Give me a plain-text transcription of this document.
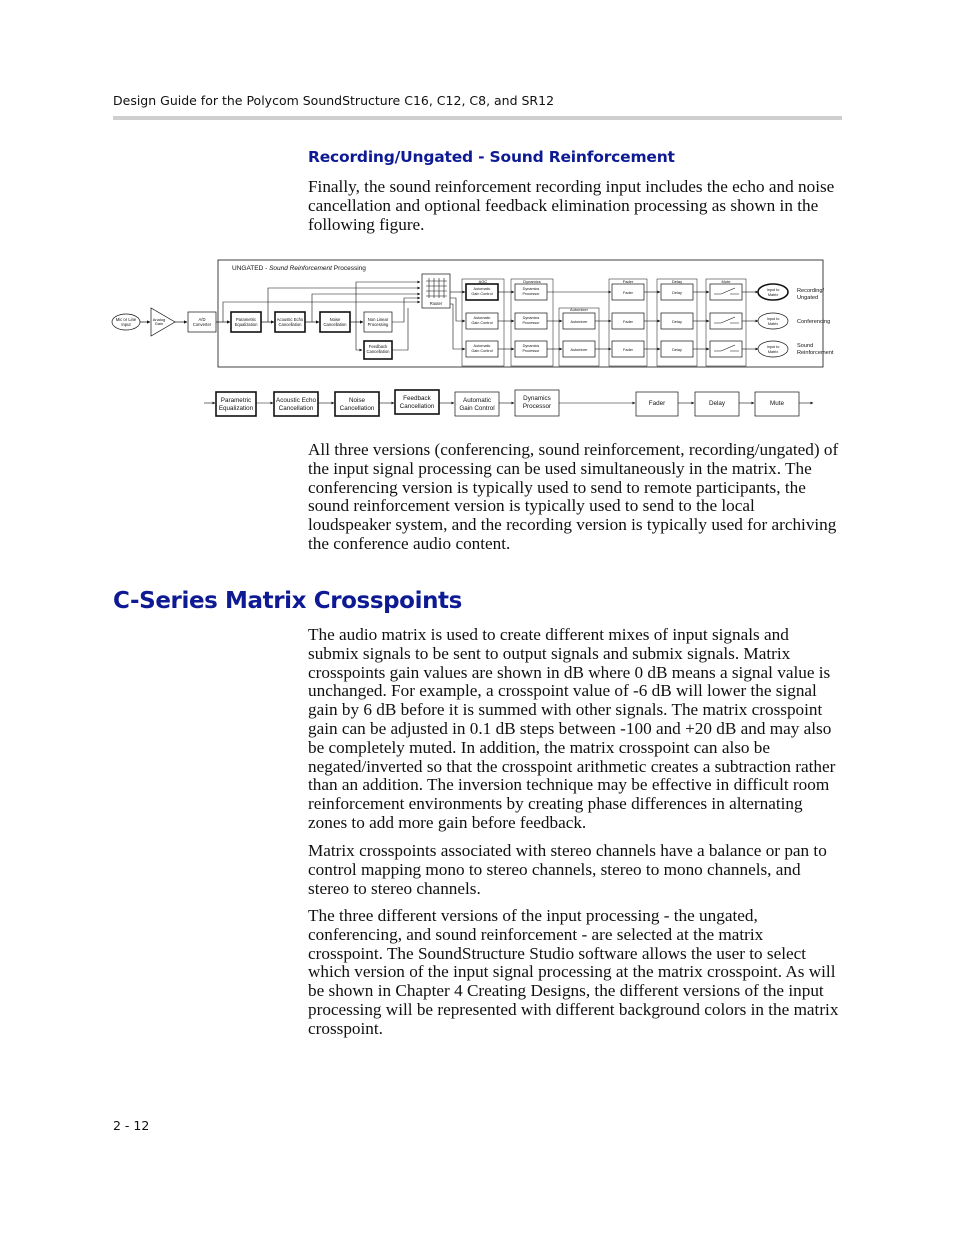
Design Guide for the Polycom SoundStructure C16, C12, C8, and SR12
Recording/Ungated - Sound Reinforcement

Finally, the sound reinforcement recording input includes the echo and noise cancellation and optional feedback elimination processing as shown in the following figure.

UNGATED - Sound Reinforcement Processing
Mic or Line
Input
Analog
Gain
A/D
Converter
Parametric
Equalization
Acoustic Echo
Cancellation
Noise
Cancellation
Non Linear
Processing
Feedback
Cancellation
Router
AGC
Automatic
Gain Control
Automatic
Gain Control
Automatic
Gain Control
Dynamics
Dynamics
Processor
Dynamics
Processor
Dynamics
Processor
Automixer
Automixer
Automixer
Fader
Fader
Fader
Fader
Delay
Delay
Delay
Delay
Mute
Input to
Matrix
Input to
Matrix
Input to
Matrix
Recording/
Ungated
Conferencing
Sound
Reinforcement
Parametric
Equalization
Acoustic Echo
Cancellation
Noise
Cancellation
Feedback
Cancellation
Automatic
Gain Control
Dynamics
Processor	Fader	Delay	Mute

All three versions (conferencing, sound reinforcement, recording/ungated) of the input signal processing can be used simultaneously in the matrix. The conferencing version is typically used to send to remote participants, the sound reinforcement version is typically used to send to the local loudspeaker system, and the recording version is typically used for archiving the conference audio content.

C-Series Matrix Crosspoints

The audio matrix is used to create different mixes of input signals and submix signals to be sent to output signals and submix signals. Matrix crosspoints gain values are shown in dB where 0 dB means a signal value is unchanged. For example, a crosspoint value of -6 dB will lower the signal gain by 6 dB before it is summed with other signals. The matrix crosspoint gain can be adjusted in 0.1 dB steps between -100 and +20 dB and may also be completely muted. In addition, the matrix crosspoint can also be negated/inverted so that the crosspoint arithmetic creates a subtraction rather than an addition. The inversion technique may be effective in difficult room reinforcement environments by creating phase differences in alternating zones to add more gain before feedback.

Matrix crosspoints associated with stereo channels have a balance or pan to control mapping mono to stereo channels, stereo to mono channels, and stereo to stereo channels.

The three different versions of the input processing - the ungated, conferencing, and sound reinforcement - are selected at the matrix crosspoint. The SoundStructure Studio software allows the user to select which version of the input signal processing at the matrix crosspoint. As will be shown in Chapter 4 Creating Designs, the different versions of the input processing will be represented with different background colors in the matrix crosspoint.

2 - 12
